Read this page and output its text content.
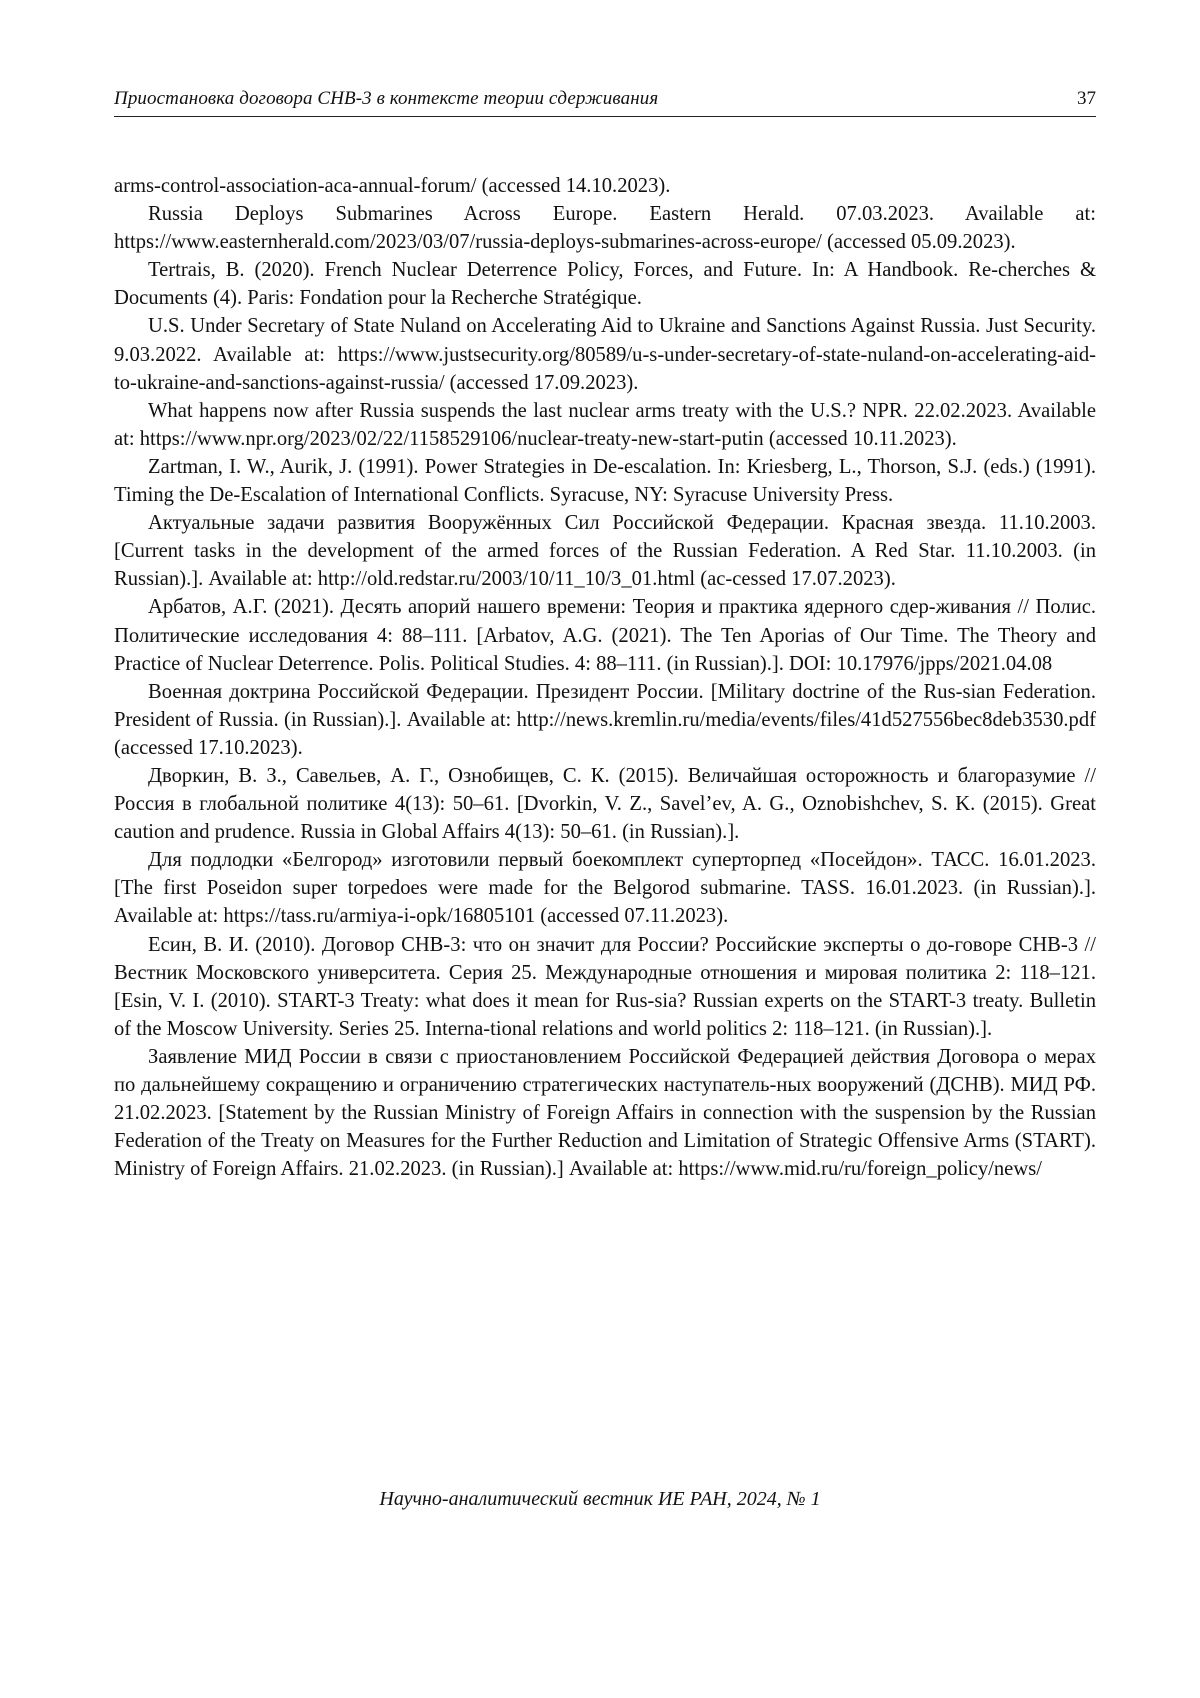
Приостановка договора СНВ-3 в контексте теории сдерживания	37

arms-control-association-aca-annual-forum/ (accessed 14.10.2023).

Russia Deploys Submarines Across Europe. Eastern Herald. 07.03.2023. Available at: https://www.easternherald.com/2023/03/07/russia-deploys-submarines-across-europe/ (accessed 05.09.2023).

Tertrais, B. (2020). French Nuclear Deterrence Policy, Forces, and Future. In: A Handbook. Re-cherches & Documents (4). Paris: Fondation pour la Recherche Stratégique.

U.S. Under Secretary of State Nuland on Accelerating Aid to Ukraine and Sanctions Against Russia. Just Security. 9.03.2022. Available at: https://www.justsecurity.org/80589/u-s-under-secretary-of-state-nuland-on-accelerating-aid-to-ukraine-and-sanctions-against-russia/ (accessed 17.09.2023).

What happens now after Russia suspends the last nuclear arms treaty with the U.S.? NPR. 22.02.2023. Available at: https://www.npr.org/2023/02/22/1158529106/nuclear-treaty-new-start-putin (accessed 10.11.2023).

Zartman, I. W., Aurik, J. (1991). Power Strategies in De-escalation. In: Kriesberg, L., Thorson, S.J. (eds.) (1991). Timing the De-Escalation of International Conflicts. Syracuse, NY: Syracuse University Press.

Актуальные задачи развития Вооружённых Сил Российской Федерации. Красная звезда. 11.10.2003. [Current tasks in the development of the armed forces of the Russian Federation. A Red Star. 11.10.2003. (in Russian).]. Available at: http://old.redstar.ru/2003/10/11_10/3_01.html (ac-cessed 17.07.2023).

Арбатов, А.Г. (2021). Десять апорий нашего времени: Теория и практика ядерного сдер-живания // Полис. Политические исследования 4: 88–111. [Arbatov, A.G. (2021). The Ten Aporias of Our Time. The Theory and Practice of Nuclear Deterrence. Polis. Political Studies. 4: 88–111. (in Russian).]. DOI: 10.17976/jpps/2021.04.08

Военная доктрина Российской Федерации. Президент России. [Military doctrine of the Rus-sian Federation. President of Russia. (in Russian).]. Available at: http://news.kremlin.ru/media/events/files/41d527556bec8deb3530.pdf (accessed 17.10.2023).

Дворкин, В. З., Савельев, А. Г., Ознобищев, С. К. (2015). Величайшая осторожность и благоразумие // Россия в глобальной политике 4(13): 50–61. [Dvorkin, V. Z., Savel’ev, A. G., Oznobishchev, S. K. (2015). Great caution and prudence. Russia in Global Affairs 4(13): 50–61. (in Russian).].

Для подлодки «Белгород» изготовили первый боекомплект суперторпед «Посейдон». ТАСС. 16.01.2023. [The first Poseidon super torpedoes were made for the Belgorod submarine. TASS. 16.01.2023. (in Russian).]. Available at: https://tass.ru/armiya-i-opk/16805101 (accessed 07.11.2023).

Есин, В. И. (2010). Договор СНВ-3: что он значит для России? Российские эксперты о до-говоре СНВ-3 // Вестник Московского университета. Серия 25. Международные отношения и мировая политика 2: 118–121. [Esin, V. I. (2010). START-3 Treaty: what does it mean for Rus-sia? Russian experts on the START-3 treaty. Bulletin of the Moscow University. Series 25. Interna-tional relations and world politics 2: 118–121. (in Russian).].

Заявление МИД России в связи с приостановлением Российской Федерацией действия Договора о мерах по дальнейшему сокращению и ограничению стратегических наступатель-ных вооружений (ДСНВ). МИД РФ. 21.02.2023. [Statement by the Russian Ministry of Foreign Affairs in connection with the suspension by the Russian Federation of the Treaty on Measures for the Further Reduction and Limitation of Strategic Offensive Arms (START). Ministry of Foreign Affairs. 21.02.2023. (in Russian).] Available at: https://www.mid.ru/ru/foreign_policy/news/

Научно-аналитический вестник ИЕ РАН, 2024, № 1
